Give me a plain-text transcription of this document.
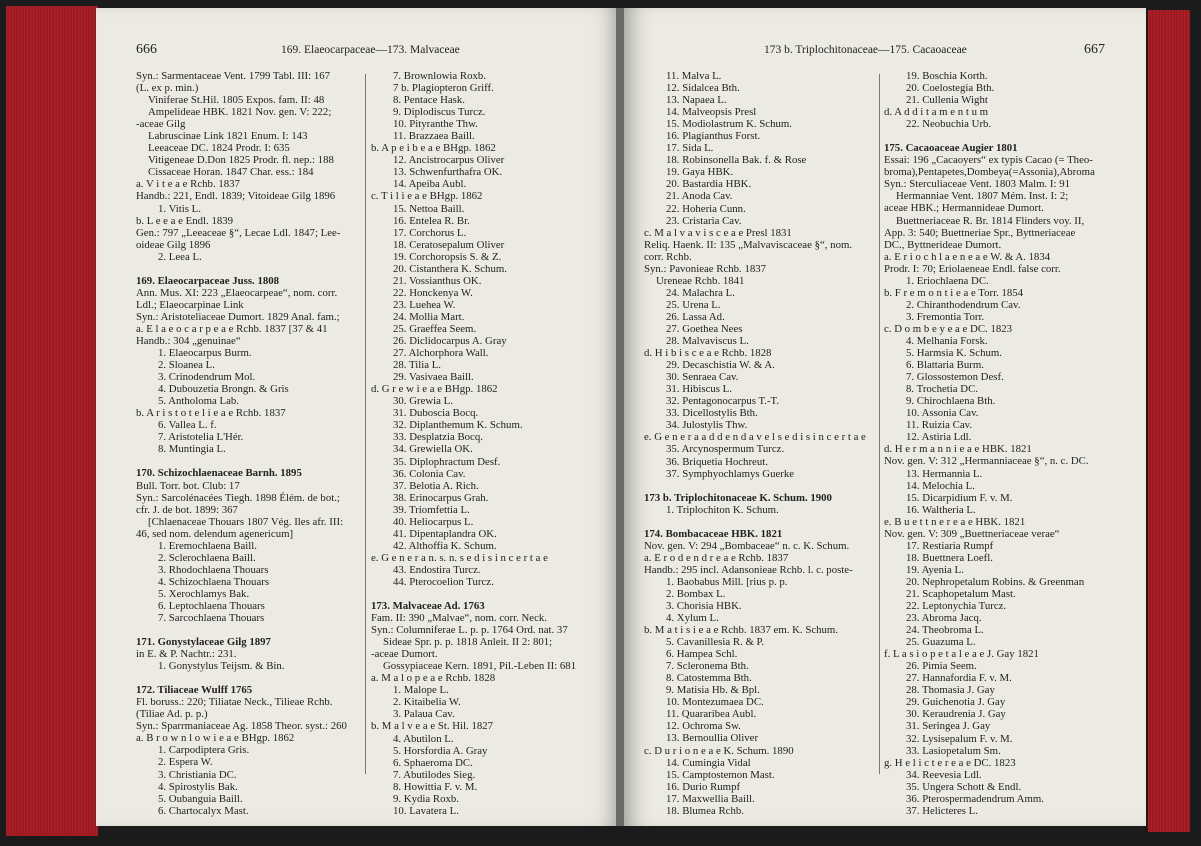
666	169. Elaeocarpaceae—173. Malvaceae
Syn.: Sarmentaceae Vent. 1799 Tabl. III: 167
(L. ex p. min.)
Viniferae St.Hil. 1805 Expos. fam. II: 48
Ampelideae HBK. 1821 Nov. gen. V: 222;
-aceae Gilg
Labruscinae Link 1821 Enum. I: 143
Leeaceae DC. 1824 Prodr. I: 635
Vitigeneae D.Don 1825 Prodr. fl. nep.: 188
Cissaceae Horan. 1847 Char. ess.: 184
a. V i t e a e Rchb. 1837
Handb.: 221, Endl. 1839; Vitoideae Gilg 1896
1. Vitis L.
b. L e e a e Endl. 1839
Gen.: 797 „Leeaceae §“, Lecae Ldl. 1847; Lee-
oideae Gilg 1896
2. Leea L.
169. Elaeocarpaceae Juss. 1808
Ann. Mus. XI: 223 „Elaeocarpeae“, nom. corr.
Ldl.; Elaeocarpinae Link
Syn.: Aristoteliaceae Dumort. 1829 Anal. fam.;
a. E l a e o c a r p e a e Rchb. 1837 [37 & 41
Handb.: 304 „genuinae“
1. Elaeocarpus Burm.
2. Sloanea L.
3. Crinodendrum Mol.
4. Dubouzetia Brongn. & Gris
5. Antholoma Lab.
b. A r i s t o t e l i e a e Rchb. 1837
6. Vallea L. f.
7. Aristotelia L'Hér.
8. Muntingia L.
170. Schizochlaenaceae Barnh. 1895
Bull. Torr. bot. Club: 17
Syn.: Sarcolénacées Tiegh. 1898 Élém. de bot.;
cfr. J. de bot. 1899: 367
[Chlaenaceae Thouars 1807 Vég. Iles afr. III:
46, sed nom. delendum agenericum]
1. Eremochlaena Baill.
2. Sclerochlaena Baill.
3. Rhodochlaena Thouars
4. Schizochlaena Thouars
5. Xerochlamys Bak.
6. Leptochlaena Thouars
7. Sarcochlaena Thouars
171. Gonystylaceae Gilg 1897
in E. & P. Nachtr.: 231.
1. Gonystylus Teijsm. & Bin.
172. Tiliaceae Wulff 1765
Fl. boruss.: 220; Tiliatae Neck., Tilieae Rchb.
(Tiliae Ad. p. p.)
Syn.: Sparrmaniaceae Ag. 1858 Theor. syst.: 260
a. B r o w n l o w i e a e BHgp. 1862
1. Carpodiptera Gris.
2. Espera W.
3. Christiania DC.
4. Spirostylis Bak.
5. Oubanguia Baill.
6. Chartocalyx Mast.
7. Brownlowia Roxb.
7 b. Plagiopteron Griff.
8. Pentace Hask.
9. Diplodiscus Turcz.
10. Pityranthe Thw.
11. Brazzaea Baill.
b. A p e i b e a e BHgp. 1862
12. Ancistrocarpus Oliver
13. Schwenfurthafra OK.
14. Apeiba Aubl.
c. T i l i e a e BHgp. 1862
15. Nettoa Baill.
16. Entelea R. Br.
17. Corchorus L.
18. Ceratosepalum Oliver
19. Corchoropsis S. & Z.
20. Cistanthera K. Schum.
21. Vossianthus OK.
22. Honckenya W.
23. Luehea W.
24. Mollia Mart.
25. Graeffea Seem.
26. Diclidocarpus A. Gray
27. Alchorphora Wall.
28. Tilia L.
29. Vasivaea Baill.
d. G r e w i e a e BHgp. 1862
30. Grewia L.
31. Duboscia Bocq.
32. Diplanthemum K. Schum.
33. Desplatzia Bocq.
34. Grewiella OK.
35. Diplophractum Desf.
36. Colonia Cav.
37. Belotia A. Rich.
38. Erinocarpus Grah.
39. Triomfettia L.
40. Heliocarpus L.
41. Dipentaplandra OK.
42. Althoffia K. Schum.
e. G e n e r a n. s. n. s e d i s i n c e r t a e
43. Endostira Turcz.
44. Pterocoelion Turcz.
173. Malvaceae Ad. 1763
Fam. II: 390 „Malvae“, nom. corr. Neck.
Syn.: Columniferae L. p. p. 1764 Ord. nat. 37
Sideae Spr. p. p. 1818 Anleit. II 2: 801;
-aceae Dumort.
Gossypiaceae Kern. 1891, Pil.-Leben II: 681
a. M a l o p e a e Rchb. 1828
1. Malope L.
2. Kitaibelia W.
3. Palaua Cav.
b. M a l v e a e St. Hil. 1827
4. Abutilon L.
5. Horsfordia A. Gray
6. Sphaeroma DC.
7. Abutilodes Sieg.
8. Howittia F. v. M.
9. Kydia Roxb.
10. Lavatera L.
173 b. Triplochitonaceae—175. Cacaoaceae	667
11. Malva L.
12. Sidalcea Bth.
13. Napaea L.
14. Malveopsis Presl
15. Modiolastrum K. Schum.
16. Plagianthus Forst.
17. Sida L.
18. Robinsonella Bak. f. & Rose
19. Gaya HBK.
20. Bastardia HBK.
21. Anoda Cav.
22. Hoheria Cunn.
23. Cristaria Cav.
c. M a l v a v i s c e a e Presl 1831
Reliq. Haenk. II: 135 „Malvaviscaceae §“, nom.
corr. Rchb.
Syn.: Pavonieae Rchb. 1837
Ureneae Rchb. 1841
24. Malachra L.
25. Urena L.
26. Lassa Ad.
27. Goethea Nees
28. Malvaviscus L.
d. H i b i s c e a e Rchb. 1828
29. Decaschistia W. & A.
30. Senraea Cav.
31. Hibiscus L.
32. Pentagonocarpus T.-T.
33. Dicellostylis Bth.
34. Julostylis Thw.
e. G e n e r a a d d e n d a v e l s e d i s i n c e r t a e
35. Arcynospermum Turcz.
36. Briquetia Hochreut.
37. Symphyochlamys Guerke
173 b. Triplochitonaceae K. Schum. 1900
1. Triplochiton K. Schum.
174. Bombacaceae HBK. 1821
Nov. gen. V: 294 „Bombaceae“ n. c. K. Schum.
a. E r o d e n d r e a e Rchb. 1837
Handb.: 295 incl. Adansonieae Rchb. l. c. poste-
1. Baobabus Mill. [rius p. p.
2. Bombax L.
3. Chorisia HBK.
4. Xylum L.
b. M a t i s i e a e Rchb. 1837 em. K. Schum.
5. Cavanillesia R. & P.
6. Hampea Schl.
7. Scleronema Bth.
8. Catostemma Bth.
9. Matisia Hb. & Bpl.
10. Montezumaea DC.
11. Quararibea Aubl.
12. Ochroma Sw.
13. Bernoullia Oliver
c. D u r i o n e a e K. Schum. 1890
14. Cumingia Vidal
15. Camptostemon Mast.
16. Durio Rumpf
17. Maxwellia Baill.
18. Blumea Rchb.
19. Boschia Korth.
20. Coelostegia Bth.
21. Cullenia Wight
d. A d d i t a m e n t u m
22. Neobuchia Urb.
175. Cacaoaceae Augier 1801
Essai: 196 „Cacaoyers“ ex typis Cacao (= Theo-
broma),Pentapetes,Dombeya(=Assonia),Abroma
Syn.: Sterculiaceae Vent. 1803 Malm. I: 91
Hermanniae Vent. 1807 Mém. Inst. I: 2;
aceae HBK.; Hermannideae Dumort.
Buettneriaceae R. Br. 1814 Flinders voy. II,
App. 3: 540; Buettneriae Spr., Byttneriaceae
DC., Byttnerideae Dumort.
a. E r i o c h l a e n e a e W. & A. 1834
Prodr. I: 70; Eriolaeneae Endl. false corr.
1. Eriochlaena DC.
b. F r e m o n t i e a e Torr. 1854
2. Chiranthodendrum Cav.
3. Fremontia Torr.
c. D o m b e y e a e DC. 1823
4. Melhania Forsk.
5. Harmsia K. Schum.
6. Blattaria Burm.
7. Glossostemon Desf.
8. Trochetia DC.
9. Chirochlaena Bth.
10. Assonia Cav.
11. Ruizia Cav.
12. Astiria Ldl.
d. H e r m a n n i e a e HBK. 1821
Nov. gen. V: 312 „Hermanniaceae §“, n. c. DC.
13. Hermannia L.
14. Melochia L.
15. Dicarpidium F. v. M.
16. Waltheria L.
e. B u e t t n e r e a e HBK. 1821
Nov. gen. V: 309 „Buettneriaceae verae“
17. Restiaria Rumpf
18. Buettnera Loefl.
19. Ayenia L.
20. Nephropetalum Robins. & Greenman
21. Scaphopetalum Mast.
22. Leptonychia Turcz.
23. Abroma Jacq.
24. Theobroma L.
25. Guazuma L.
f. L a s i o p e t a l e a e J. Gay 1821
26. Pimia Seem.
27. Hannafordia F. v. M.
28. Thomasia J. Gay
29. Guichenotia J. Gay
30. Keraudrenia J. Gay
31. Seringea J. Gay
32. Lysisepalum F. v. M.
33. Lasiopetalum Sm.
g. H e l i c t e r e a e DC. 1823
34. Reevesia Ldl.
35. Ungera Schott & Endl.
36. Pterospermadendrum Amm.
37. Helicteres L.
